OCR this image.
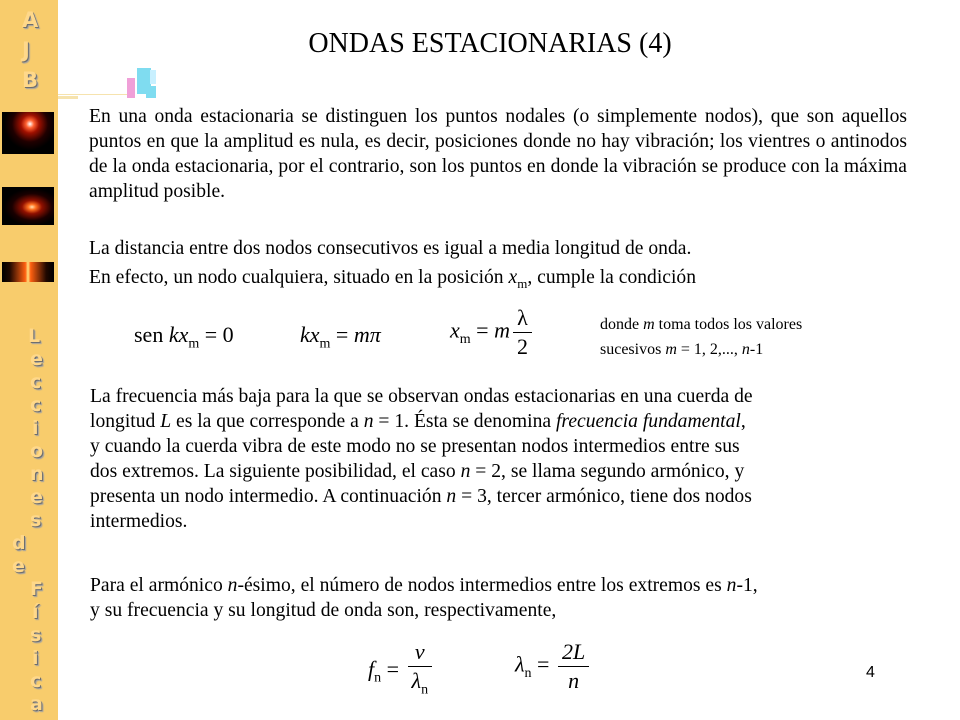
A
J
B
L
e
c
c
i
o
n
e
s
d
e
F
í
s
i
c
a
ONDAS ESTACIONARIAS (4)
En una onda estacionaria se distinguen los puntos nodales (o simplemente nodos), que son aquellos puntos en que la amplitud es nula, es decir, posiciones donde no hay vibración; los vientres o antinodos de la onda estacionaria, por el contrario, son los puntos en donde la vibración se produce con la máxima amplitud posible.
La distancia entre dos nodos consecutivos es igual a media longitud de onda.
En efecto, un nodo cualquiera, situado en la posición $x_m$, cumple la condición
sen $kx_m = 0$	$kx_m = m\pi$	$x_m = m \frac{\lambda}{2}$	donde m toma todos los valores
sucesivos m = 1, 2,..., n-1
La frecuencia más baja para la que se observan ondas estacionarias en una cuerda de
longitud L es la que corresponde a n = 1. Ésta se denomina frecuencia fundamental,
y cuando la cuerda vibra de este modo no se presentan nodos intermedios entre sus
dos extremos. La siguiente posibilidad, el caso n = 2, se llama segundo armónico, y
presenta un nodo intermedio. A continuación n = 3, tercer armónico, tiene dos nodos
intermedios.
Para el armónico n-ésimo, el número de nodos intermedios entre los extremos es n-1,
y su frecuencia y su longitud de onda son, respectivamente,
$f_n = \frac{v}{\lambda_n}$	$\lambda_n = \frac{2L}{n}$	4
